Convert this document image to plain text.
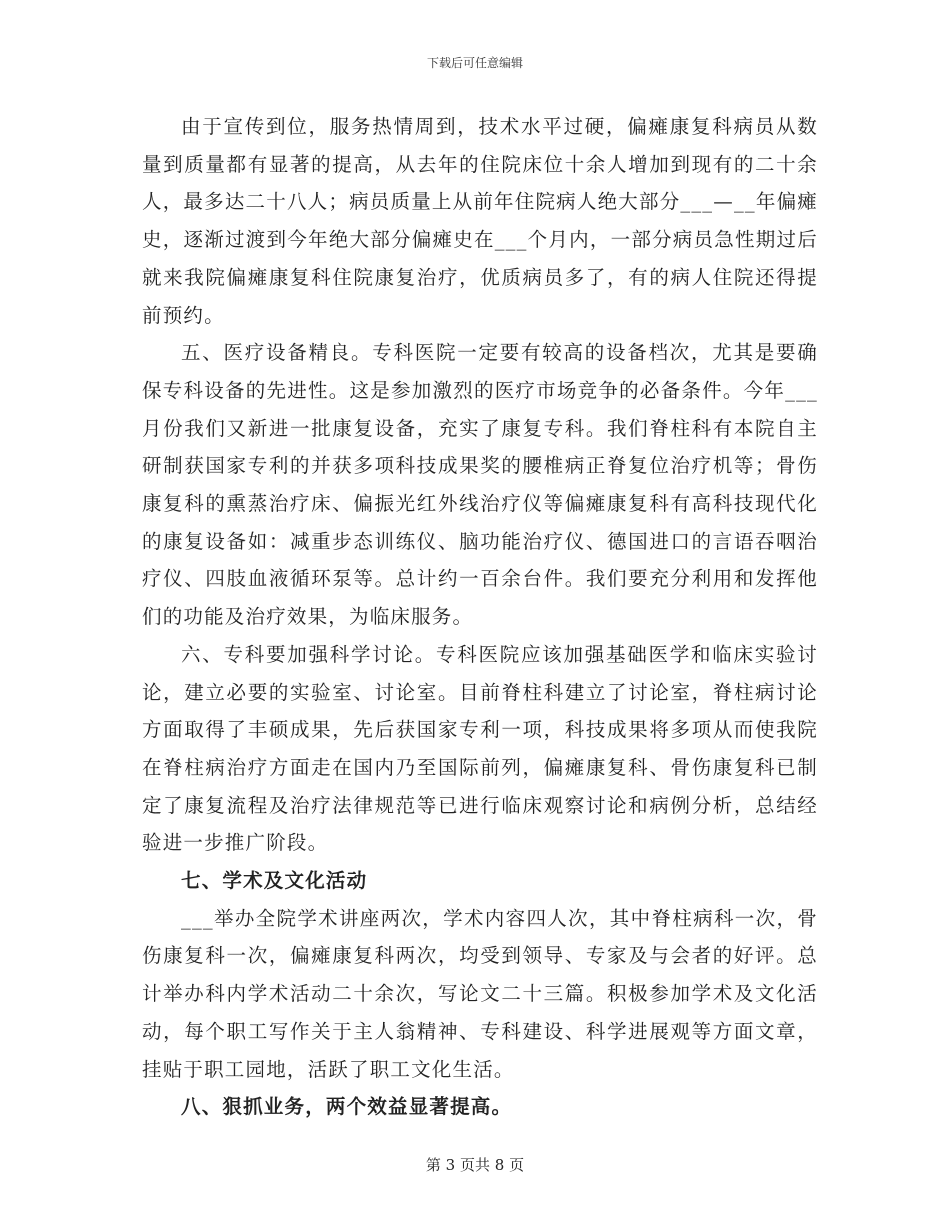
下载后可任意编辑

由于宣传到位，服务热情周到，技术水平过硬，偏瘫康复科病员从数量到质量都有显著的提高，从去年的住院床位十余人增加到现有的二十余人，最多达二十八人；病员质量上从前年住院病人绝大部分___—__年偏瘫史，逐渐过渡到今年绝大部分偏瘫史在___个月内，一部分病员急性期过后就来我院偏瘫康复科住院康复治疗，优质病员多了，有的病人住院还得提前预约。

五、医疗设备精良。专科医院一定要有较高的设备档次，尤其是要确保专科设备的先进性。这是参加激烈的医疗市场竞争的必备条件。今年___月份我们又新进一批康复设备，充实了康复专科。我们脊柱科有本院自主研制获国家专利的并获多项科技成果奖的腰椎病正脊复位治疗机等；骨伤康复科的熏蒸治疗床、偏振光红外线治疗仪等偏瘫康复科有高科技现代化的康复设备如：减重步态训练仪、脑功能治疗仪、德国进口的言语吞咽治疗仪、四肢血液循环泵等。总计约一百余台件。我们要充分利用和发挥他们的功能及治疗效果，为临床服务。

六、专科要加强科学讨论。专科医院应该加强基础医学和临床实验讨论，建立必要的实验室、讨论室。目前脊柱科建立了讨论室，脊柱病讨论方面取得了丰硕成果，先后获国家专利一项，科技成果将多项从而使我院在脊柱病治疗方面走在国内乃至国际前列，偏瘫康复科、骨伤康复科已制定了康复流程及治疗法律规范等已进行临床观察讨论和病例分析，总结经验进一步推广阶段。

七、学术及文化活动

___举办全院学术讲座两次，学术内容四人次，其中脊柱病科一次，骨伤康复科一次，偏瘫康复科两次，均受到领导、专家及与会者的好评。总计举办科内学术活动二十余次，写论文二十三篇。积极参加学术及文化活动，每个职工写作关于主人翁精神、专科建设、科学进展观等方面文章，挂贴于职工园地，活跃了职工文化生活。

八、狠抓业务，两个效益显著提高。

第 3 页共 8 页
